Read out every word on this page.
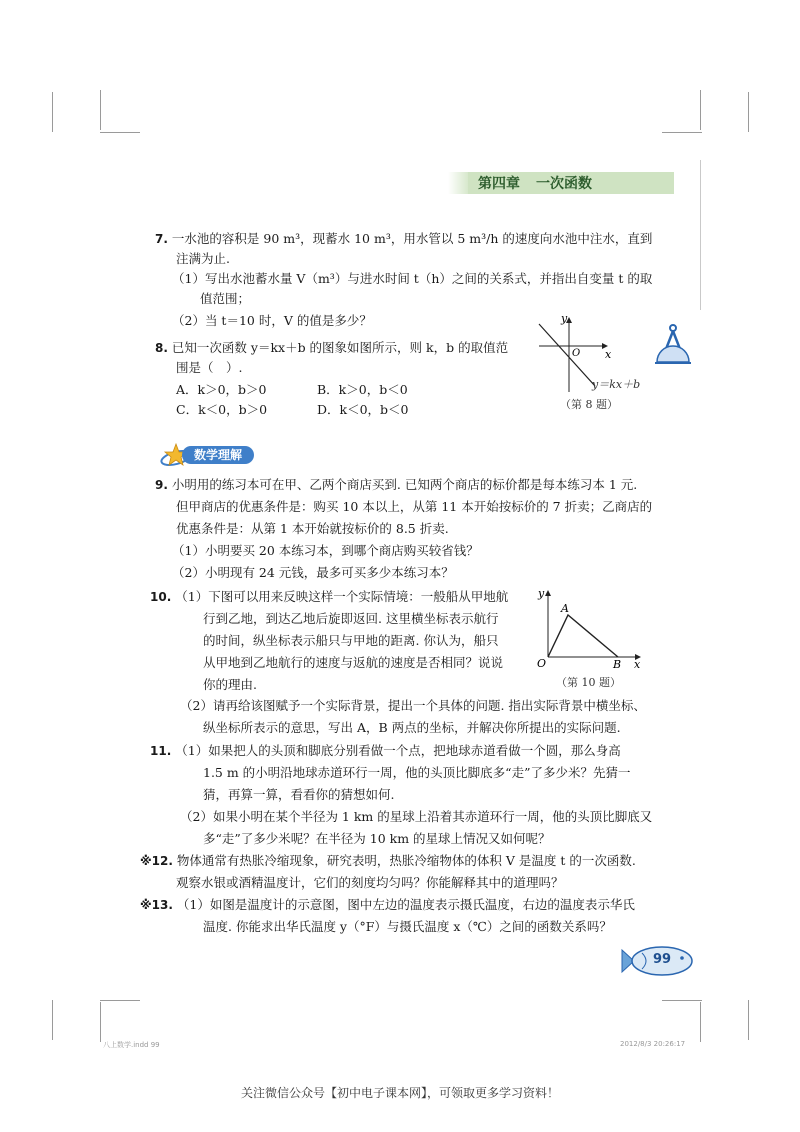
第四章 一次函数
7. 一水池的容积是 90 m³，现蓄水 10 m³，用水管以 5 m³/h 的速度向水池中注水，直到
注满为止.
（1）写出水池蓄水量 V（m³）与进水时间 t（h）之间的关系式，并指出自变量 t 的取
值范围；
（2）当 t＝10 时，V 的值是多少？
8. 已知一次函数 y＝kx＋b 的图象如图所示，则 k，b 的取值范
围是（　）.
A．k＞0，b＞0	B．k＞0，b＜0
C．k＜0，b＞0	D．k＜0，b＜0
y
O x
y＝kx＋b
（第 8 题）
数学理解
9. 小明用的练习本可在甲、乙两个商店买到. 已知两个商店的标价都是每本练习本 1 元.
但甲商店的优惠条件是：购买 10 本以上，从第 11 本开始按标价的 7 折卖；乙商店的
优惠条件是：从第 1 本开始就按标价的 8.5 折卖.
（1）小明要买 20 本练习本，到哪个商店购买较省钱？
（2）小明现有 24 元钱，最多可买多少本练习本？
10. （1）下图可以用来反映这样一个实际情境：一般船从甲地航
行到乙地，到达乙地后旋即返回. 这里横坐标表示航行
的时间，纵坐标表示船只与甲地的距离. 你认为，船只
从甲地到乙地航行的速度与返航的速度是否相同？说说
你的理由.
（2）请再给该图赋予一个实际背景，提出一个具体的问题. 指出实际背景中横坐标、
纵坐标所表示的意思，写出 A，B 两点的坐标，并解决你所提出的实际问题.
y
A
O	B x
（第 10 题）
11. （1）如果把人的头顶和脚底分别看做一个点，把地球赤道看做一个圆，那么身高
1.5 m 的小明沿地球赤道环行一周，他的头顶比脚底多“走”了多少米？先猜一
猜，再算一算，看看你的猜想如何.
（2）如果小明在某个半径为 1 km 的星球上沿着其赤道环行一周，他的头顶比脚底又
多“走”了多少米呢？在半径为 10 km 的星球上情况又如何呢？
※12. 物体通常有热胀冷缩现象，研究表明，热胀冷缩物体的体积 V 是温度 t 的一次函数.
观察水银或酒精温度计，它们的刻度均匀吗？你能解释其中的道理吗？
※13. （1）如图是温度计的示意图，图中左边的温度表示摄氏温度，右边的温度表示华氏
温度. 你能求出华氏温度 y（°F）与摄氏温度 x（℃）之间的函数关系吗？
99
八上数学.indd 99	2012/8/3 20:26:17
关注微信公众号【初中电子课本网】，可领取更多学习资料！
